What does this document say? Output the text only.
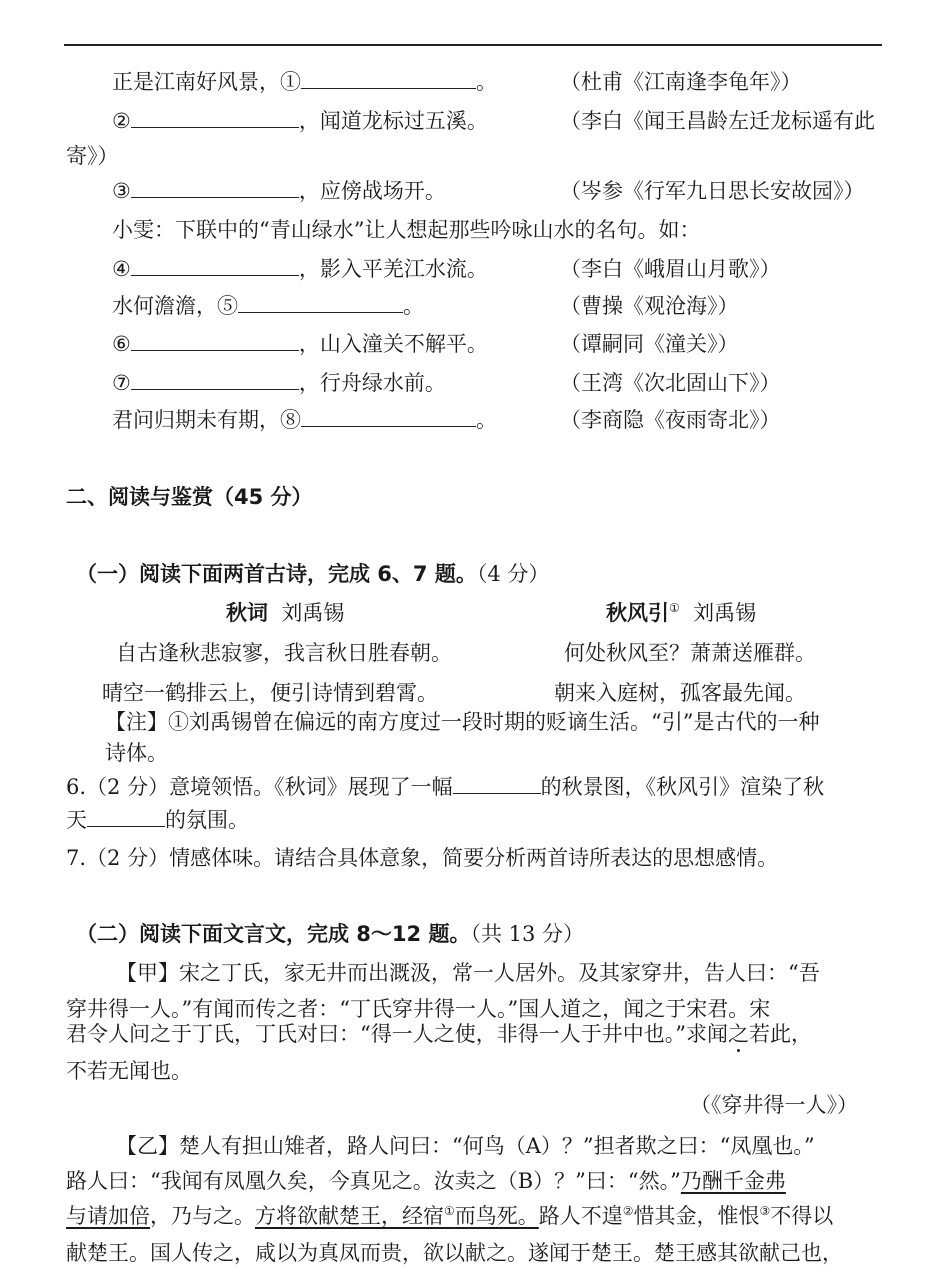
正是江南好风景，①	。	（杜甫《江南逢李龟年》）
②	，闻道龙标过五溪。	（李白《闻王昌龄左迁龙标遥有此
寄》）
③	，应傍战场开。	（岑参《行军九日思长安故园》）
小雯：下联中的“青山绿水”让人想起那些吟咏山水的名句。如：
④	，影入平羌江水流。	（李白《峨眉山月歌》）
水何澹澹，⑤	。	（曹操《观沧海》）
⑥	，山入潼关不解平。	（谭嗣同《潼关》）
⑦	，行舟绿水前。	（王湾《次北固山下》）
君问归期未有期，⑧	。	（李商隐《夜雨寄北》）
二、阅读与鉴赏（45 分）
（一）阅读下面两首古诗，完成 6、7 题。（4 分）
秋词 刘禹锡	秋风引① 刘禹锡
自古逢秋悲寂寥，我言秋日胜春朝。	何处秋风至？萧萧送雁群。
晴空一鹤排云上，便引诗情到碧霄。	朝来入庭树，孤客最先闻。
【注】①刘禹锡曾在偏远的南方度过一段时期的贬谪生活。“引”是古代的一种
诗体。
6.（2 分）意境领悟。《秋词》展现了一幅	的秋景图，《秋风引》渲染了秋
天	的氛围。
7.（2 分）情感体味。请结合具体意象，简要分析两首诗所表达的思想感情。
（二）阅读下面文言文，完成 8～12 题。（共 13 分）
【甲】宋之丁氏，家无井而出溉汲，常一人居外。及其家穿井，告人曰：“吾
穿井得一人。”有闻而传之者：“丁氏穿井得一人。”国人道之，闻之于宋君。宋
君令人问之于丁氏，丁氏对曰：“得一人之使，非得一人于井中也。”求闻之若此，
不若无闻也。
（《穿井得一人》）
【乙】楚人有担山雉者，路人问曰：“何鸟（A）？”担者欺之曰：“凤凰也。”
路人曰：“我闻有凤凰久矣，今真见之。汝卖之（B）？”曰：“然。”乃酬千金弗
与请加倍，乃与之。方将欲献楚王，经宿①而鸟死。路人不遑②惜其金，惟恨③不得以
献楚王。国人传之，咸以为真凤而贵，欲以献之。遂闻于楚王。楚王感其欲献己也，
